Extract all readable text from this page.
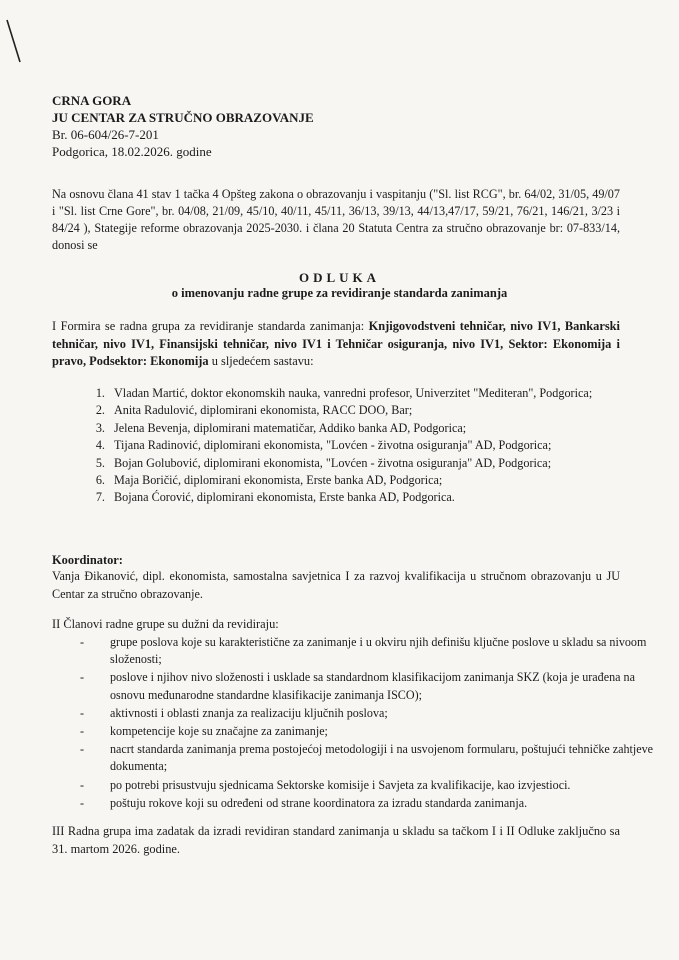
CRNA GORA
JU CENTAR ZA STRUČNO OBRAZOVANJE
Br. 06-604/26-7-201
Podgorica, 18.02.2026. godine
Na osnovu člana 41 stav 1 tačka 4 Opšteg zakona o obrazovanju i vaspitanju ("Sl. list RCG", br. 64/02, 31/05, 49/07 i "Sl. list Crne Gore", br. 04/08, 21/09, 45/10, 40/11, 45/11, 36/13, 39/13, 44/13,47/17, 59/21, 76/21, 146/21, 3/23 i 84/24 ), Stategije reforme obrazovanja 2025-2030. i člana 20 Statuta Centra za stručno obrazovanje br: 07-833/14, donosi se
ODLUKA
o imenovanju radne grupe za revidiranje standarda zanimanja
I Formira se radna grupa za revidiranje standarda zanimanja: Knjigovodstveni tehničar, nivo IV1, Bankarski tehničar, nivo IV1, Finansijski tehničar, nivo IV1 i Tehničar osiguranja, nivo IV1, Sektor: Ekonomija i pravo, Podsektor: Ekonomija u sljedećem sastavu:
1. Vladan Martić, doktor ekonomskih nauka, vanredni profesor, Univerzitet "Mediteran", Podgorica;
2. Anita Radulović, diplomirani ekonomista, RACC DOO, Bar;
3. Jelena Bevenja, diplomirani matematičar, Addiko banka AD, Podgorica;
4. Tijana Radinović, diplomirani ekonomista, "Lovćen - životna osiguranja" AD, Podgorica;
5. Bojan Golubović, diplomirani ekonomista, "Lovćen - životna osiguranja" AD, Podgorica;
6. Maja Boričić, diplomirani ekonomista, Erste banka AD, Podgorica;
7. Bojana Ćorović, diplomirani ekonomista, Erste banka AD, Podgorica.
Koordinator:
Vanja Đikanović, dipl. ekonomista, samostalna savjetnica I za razvoj kvalifikacija u stručnom obrazovanju u JU Centar za stručno obrazovanje.
II Članovi radne grupe su dužni da revidiraju:
- grupe poslova koje su karakteristične za zanimanje i u okviru njih definišu ključne poslove u skladu sa nivoom složenosti;
- poslove i njihov nivo složenosti i uskladе sa standardnom klasifikacijom zanimanja SKZ (koja je urađena na osnovu međunarodne standardne klasifikacije zanimanja ISCO);
- aktivnosti i oblasti znanja za realizaciju ključnih poslova;
- kompetencije koje su značajne za zanimanje;
- nacrt standarda zanimanja prema postojećoj metodologiji i na usvojenom formularu, poštujući tehničke zahtjeve dokumenta;
- po potrebi prisustvuju sjednicama Sektorske komisije i Savjeta za kvalifikacije, kao izvjestioci.
- poštuju rokove koji su određeni od strane koordinatora za izradu standarda zanimanja.
III Radna grupa ima zadatak da izradi revidiran standard zanimanja u skladu sa tačkom I i II Odluke zaključno sa 31. martom 2026. godine.
